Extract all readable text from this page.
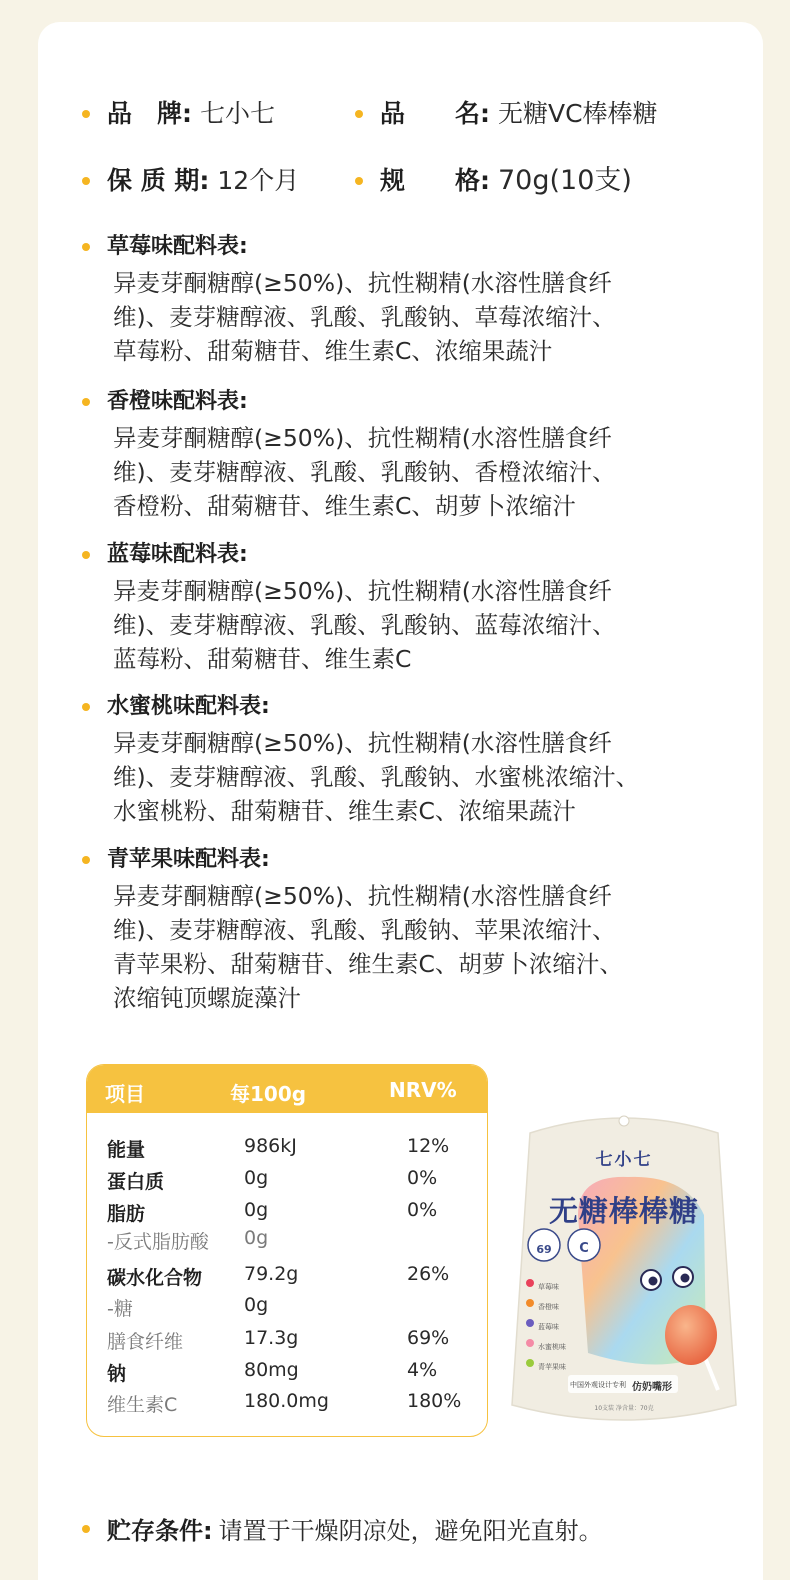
品　牌: 七小七	品　　名: 无糖VC棒棒糖
保 质 期: 12个月	规　　格: 70g(10支)
草莓味配料表:
异麦芽酮糖醇(≥50%)、抗性糊精(水溶性膳食纤
维)、麦芽糖醇液、乳酸、乳酸钠、草莓浓缩汁、
草莓粉、甜菊糖苷、维生素C、浓缩果蔬汁
香橙味配料表:
异麦芽酮糖醇(≥50%)、抗性糊精(水溶性膳食纤
维)、麦芽糖醇液、乳酸、乳酸钠、香橙浓缩汁、
香橙粉、甜菊糖苷、维生素C、胡萝卜浓缩汁
蓝莓味配料表:
异麦芽酮糖醇(≥50%)、抗性糊精(水溶性膳食纤
维)、麦芽糖醇液、乳酸、乳酸钠、蓝莓浓缩汁、
蓝莓粉、甜菊糖苷、维生素C
水蜜桃味配料表:
异麦芽酮糖醇(≥50%)、抗性糊精(水溶性膳食纤
维)、麦芽糖醇液、乳酸、乳酸钠、水蜜桃浓缩汁、
水蜜桃粉、甜菊糖苷、维生素C、浓缩果蔬汁
青苹果味配料表:
异麦芽酮糖醇(≥50%)、抗性糊精(水溶性膳食纤
维)、麦芽糖醇液、乳酸、乳酸钠、苹果浓缩汁、
青苹果粉、甜菊糖苷、维生素C、胡萝卜浓缩汁、
浓缩钝顶螺旋藻汁
项目	每100g	NRV%
能量	986kJ	12%
蛋白质	0g	0%
脂肪	0g	0%
-反式脂肪酸 0g
碳水化合物 79.2g	26%
-糖	0g
膳食纤维	17.3g	69%
钠	80mg	4%
维生素C	180.0mg	180%
七小七
无糖棒棒糖
69	C
草莓味
香橙味
蓝莓味
水蜜桃味
青苹果味
中国外观设计专利 仿奶嘴形
10支装 净含量：70克
贮存条件: 请置于干燥阴凉处，避免阳光直射。
